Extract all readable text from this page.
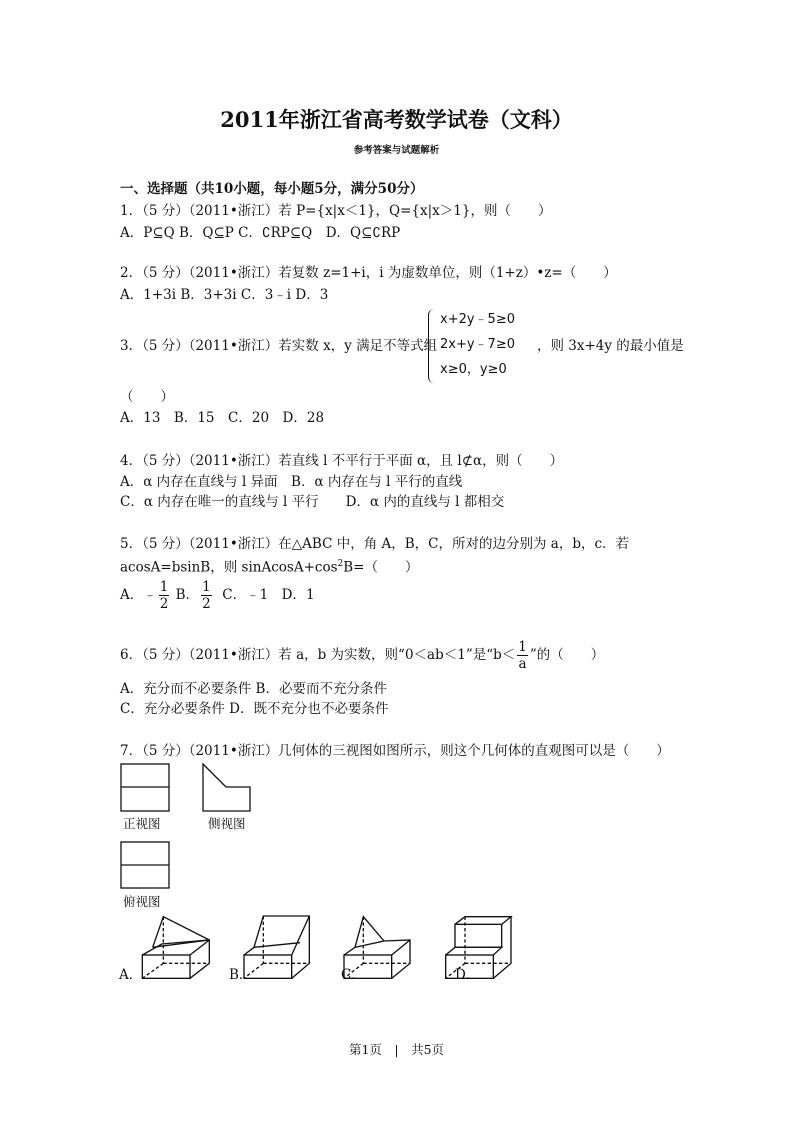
2011年浙江省高考数学试卷（文科）
参考答案与试题解析
一、选择题（共10小题，每小题5分，满分50分）
1．（5 分）（2011•浙江）若 P={x|x＜1}，Q={x|x＞1}，则（　　）
A．P⊆Q B．Q⊆P C．∁RP⊆Q　D．Q⊆∁RP
2．（5 分）（2011•浙江）若复数 z=1+i，i 为虚数单位，则（1+z）•z=（　　）
A．1+3i B．3+3i C．3﹣i D．3
3．（5 分）（2011•浙江）若实数 x，y 满足不等式组
x+2y﹣5≥0
2x+y﹣7≥0
x≥0，y≥0
，则 3x+4y 的最小值是
（　　）
A．13　B．15　C．20　D．28
4．（5 分）（2011•浙江）若直线 l 不平行于平面 α，且 l⊄α，则（　　）
A．α 内存在直线与 l 异面　B．α 内存在与 l 平行的直线
C．α 内存在唯一的直线与 l 平行　　D．α 内的直线与 l 都相交
5．（5 分）（2011•浙江）在△ABC 中，角 A，B，C，所对的边分别为 a，b，c．若
acosA=bsinB，则 $sinAcosA+\cos^2B=$（　　）
A．﹣ $\frac{1}{2}$ B． $\frac{1}{2}$ C．﹣1　D．1
6．（5 分）（2011•浙江）若 a，b 为实数，则“0＜ab＜1”是“$b< \frac{1}{a}$ ”的（　　）
A．充分而不必要条件 B．必要而不充分条件
C．充分必要条件 D．既不充分也不必要条件
7．（5 分）（2011•浙江）几何体的三视图如图所示，则这个几何体的直观图可以是（　　）
正视图	侧视图
俯视图
A．	B．	C．	D．
第1页　|　共5页
